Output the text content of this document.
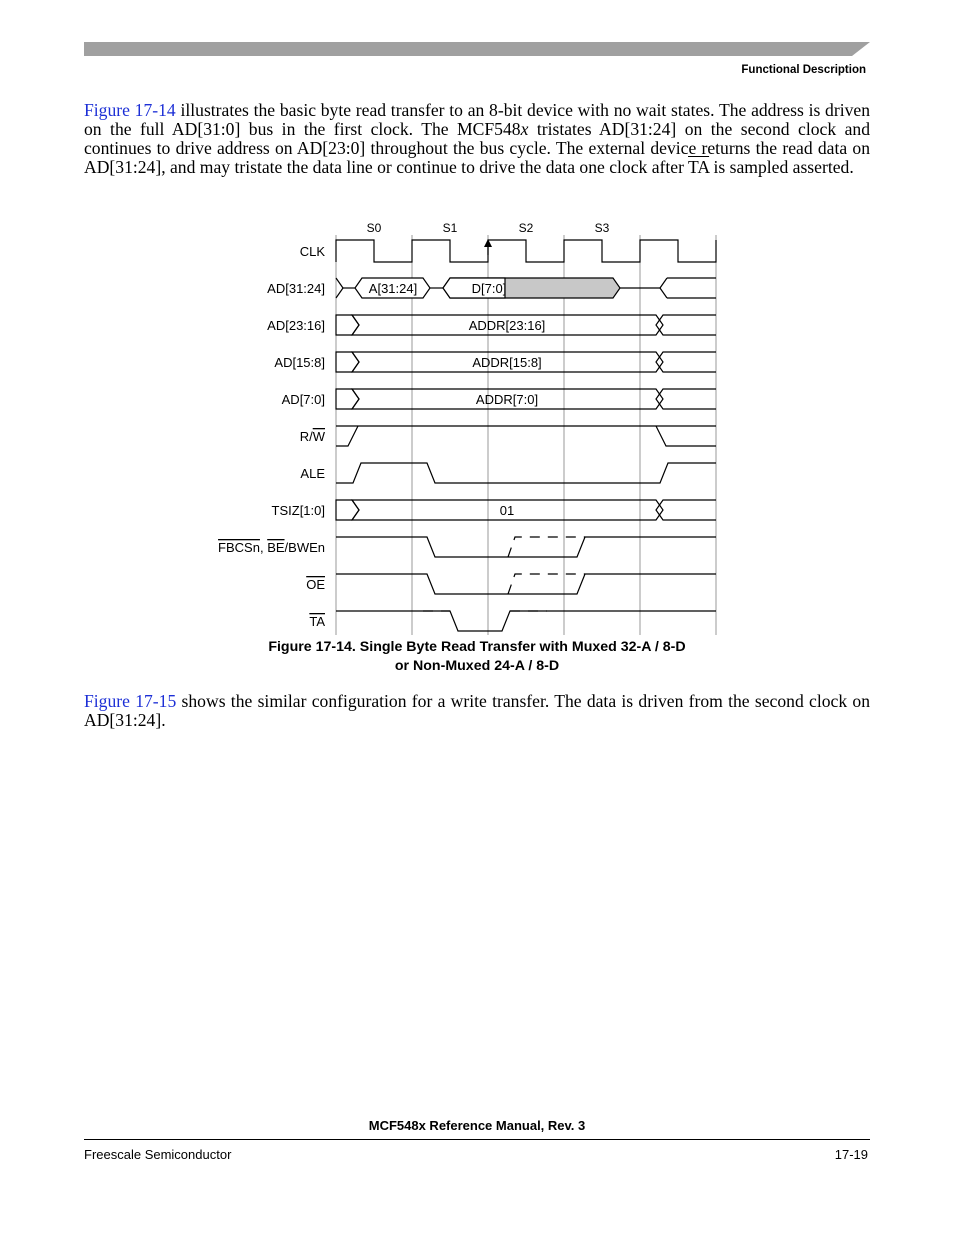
Functional Description

Figure 17-14 illustrates the basic byte read transfer to an 8-bit device with no wait states. The address is driven on the full AD[31:0] bus in the first clock. The MCF548x tristates AD[31:24] on the second clock and continues to drive address on AD[23:0] throughout the bus cycle. The external device returns the read data on AD[31:24], and may tristate the data line or continue to drive the data one clock after $\overline{TA}$ is sampled asserted.

S0	S1	S2	S3
CLK
AD[31:24]
AD[23:16]
AD[15:8]
AD[7:0]
R/W
ALE
TSIZ[1:0]
FBCSn, BE/BWEn
OE
TA
A[31:24]	D[7:0]
ADDR[23:16]
ADDR[15:8]
ADDR[7:0]
01
Figure 17-14. Single Byte Read Transfer with Muxed 32-A / 8-D
or Non-Muxed 24-A / 8-D

Figure 17-15 shows the similar configuration for a write transfer. The data is driven from the second clock on AD[31:24].

MCF548x Reference Manual, Rev. 3
Freescale Semiconductor	17-19
